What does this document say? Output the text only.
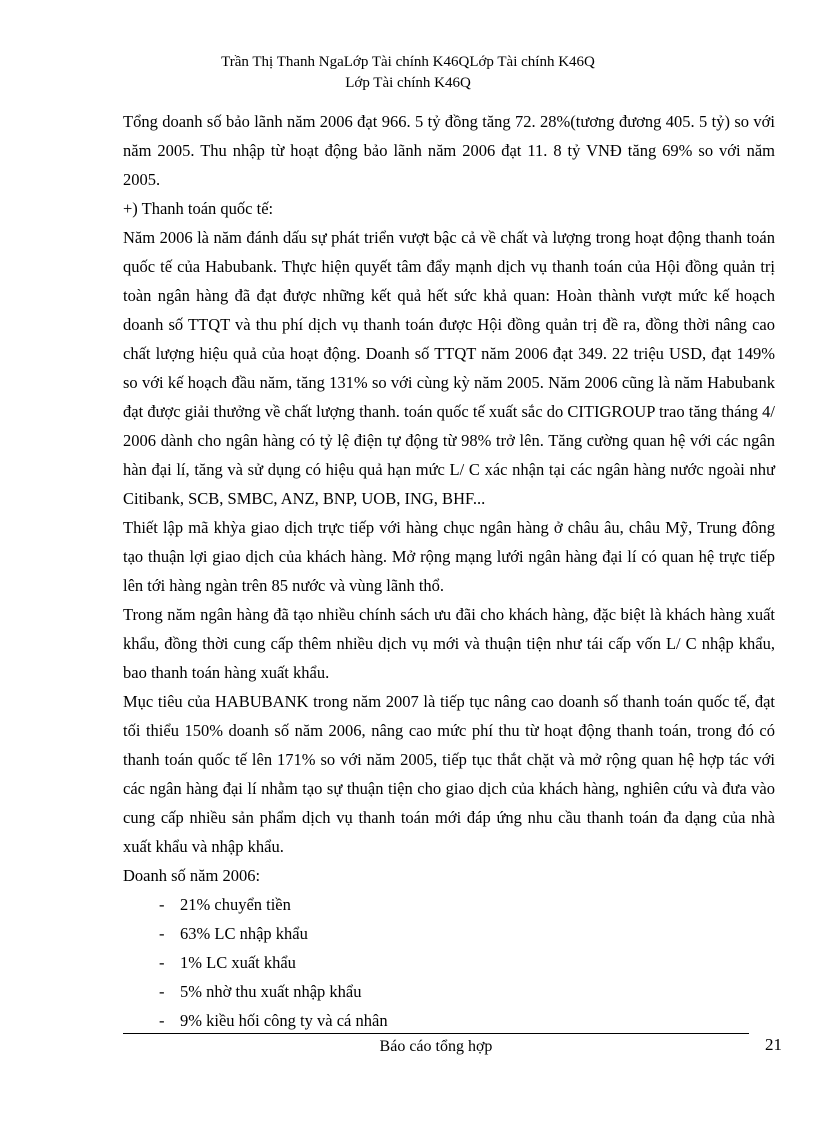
Trần Thị Thanh NgaLớp Tài chính K46QLớp Tài chính K46Q
Lớp Tài chính K46Q

Tổng doanh số bảo lãnh năm 2006 đạt 966. 5 tỷ đồng tăng 72. 28%(tương đương 405. 5 tỷ) so với năm 2005. Thu nhập từ hoạt động bảo lãnh năm 2006 đạt 11. 8 tỷ VNĐ tăng 69% so với năm 2005.

+) Thanh toán quốc tế:

Năm 2006 là năm đánh dấu sự phát triển vượt bậc cả về chất và lượng trong hoạt động thanh toán quốc tế của Habubank. Thực hiện quyết tâm đẩy mạnh dịch vụ thanh toán của Hội đồng quản trị toàn ngân hàng đã đạt được những kết quả hết sức khả quan: Hoàn thành vượt mức kế hoạch doanh số TTQT và thu phí dịch vụ thanh toán được Hội đồng quản trị đề ra, đồng thời nâng cao chất lượng hiệu quả của hoạt động. Doanh số TTQT năm 2006 đạt 349. 22 triệu USD, đạt 149% so với kế hoạch đầu năm, tăng 131% so với cùng kỳ năm 2005. Năm 2006 cũng là năm Habubank đạt được giải thưởng về chất lượng thanh. toán quốc tế xuất sắc do CITIGROUP trao tăng tháng 4/ 2006 dành cho ngân hàng có tỷ lệ điện tự động từ 98% trở lên. Tăng cường quan hệ với các ngân hàn đại lí, tăng và sử dụng có hiệu quả hạn mức L/ C xác nhận tại các ngân hàng nước ngoài như Citibank, SCB, SMBC, ANZ, BNP, UOB, ING, BHF...

Thiết lập mã khỳa giao dịch trực tiếp với hàng chục ngân hàng ở châu âu, châu Mỹ, Trung đông tạo thuận lợi giao dịch của khách hàng. Mở rộng mạng lưới ngân hàng đại lí có quan hệ trực tiếp lên tới hàng ngàn trên 85 nước và vùng lãnh thổ.

Trong năm ngân hàng đã tạo nhiều chính sách ưu đãi cho khách hàng, đặc biệt là khách hàng xuất khẩu, đồng thời cung cấp thêm nhiều dịch vụ mới và thuận tiện như tái cấp vốn L/ C nhập khẩu, bao thanh toán hàng xuất khẩu.

Mục tiêu của HABUBANK trong năm 2007 là tiếp tục nâng cao doanh số thanh toán quốc tế, đạt tối thiểu 150% doanh số năm 2006, nâng cao mức phí thu từ hoạt động thanh toán, trong đó có thanh toán quốc tế lên 171% so với năm 2005, tiếp tục thắt chặt và mở rộng quan hệ hợp tác với các ngân hàng đại lí nhằm tạo sự thuận tiện cho giao dịch của khách hàng, nghiên cứu và đưa vào cung cấp nhiều sản phẩm dịch vụ thanh toán mới đáp ứng nhu cầu thanh toán đa dạng của nhà xuất khẩu và nhập khẩu.

Doanh số năm 2006:

- 21% chuyển tiền
- 63% LC nhập khẩu
- 1% LC xuất khẩu
- 5% nhờ thu xuất nhập khẩu
- 9% kiều hối công ty và cá nhân
Báo cáo tổng hợp	21
